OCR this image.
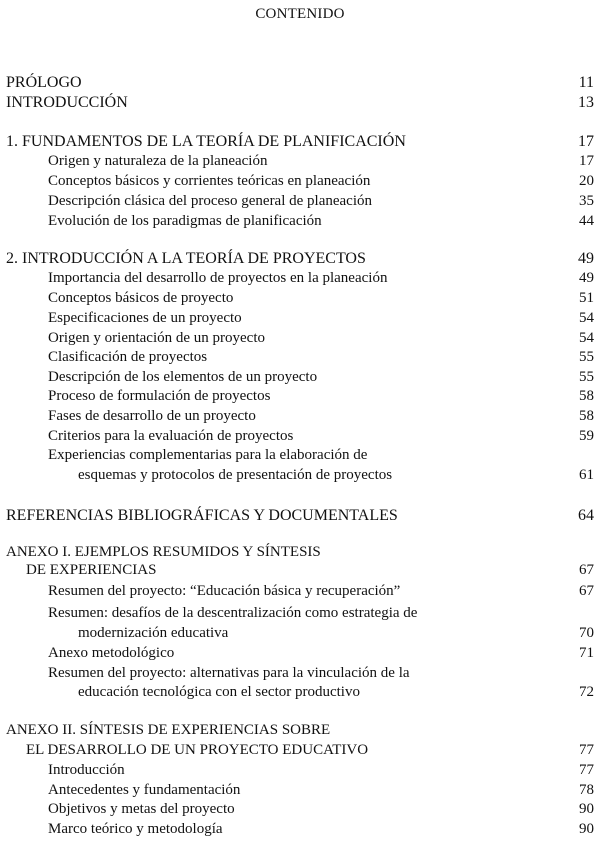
CONTENIDO
PRÓLOGO	11
INTRODUCCIÓN	13
1. FUNDAMENTOS DE LA TEORÍA DE PLANIFICACIÓN	17
Origen y naturaleza de la planeación	17
Conceptos básicos y corrientes teóricas en planeación	20
Descripción clásica del proceso general de planeación	35
Evolución de los paradigmas de planificación	44
2. INTRODUCCIÓN A LA TEORÍA DE PROYECTOS	49
Importancia del desarrollo de proyectos en la planeación	49
Conceptos básicos de proyecto	51
Especificaciones de un proyecto	54
Origen y orientación de un proyecto	54
Clasificación de proyectos	55
Descripción de los elementos de un proyecto	55
Proceso de formulación de proyectos	58
Fases de desarrollo de un proyecto	58
Criterios para la evaluación de proyectos	59
Experiencias complementarias para la elaboración de
esquemas y protocolos de presentación de proyectos	61
REFERENCIAS BIBLIOGRÁFICAS Y DOCUMENTALES	64
ANEXO I. EJEMPLOS RESUMIDOS Y SÍNTESIS
DE EXPERIENCIAS	67
Resumen del proyecto: “Educación básica y recuperación”	67
Resumen: desafíos de la descentralización como estrategia de
modernización educativa	70
Anexo metodológico	71
Resumen del proyecto: alternativas para la vinculación de la
educación tecnológica con el sector productivo	72
ANEXO II. SÍNTESIS DE EXPERIENCIAS SOBRE
EL DESARROLLO DE UN PROYECTO EDUCATIVO	77
Introducción	77
Antecedentes y fundamentación	78
Objetivos y metas del proyecto	90
Marco teórico y metodología	90
